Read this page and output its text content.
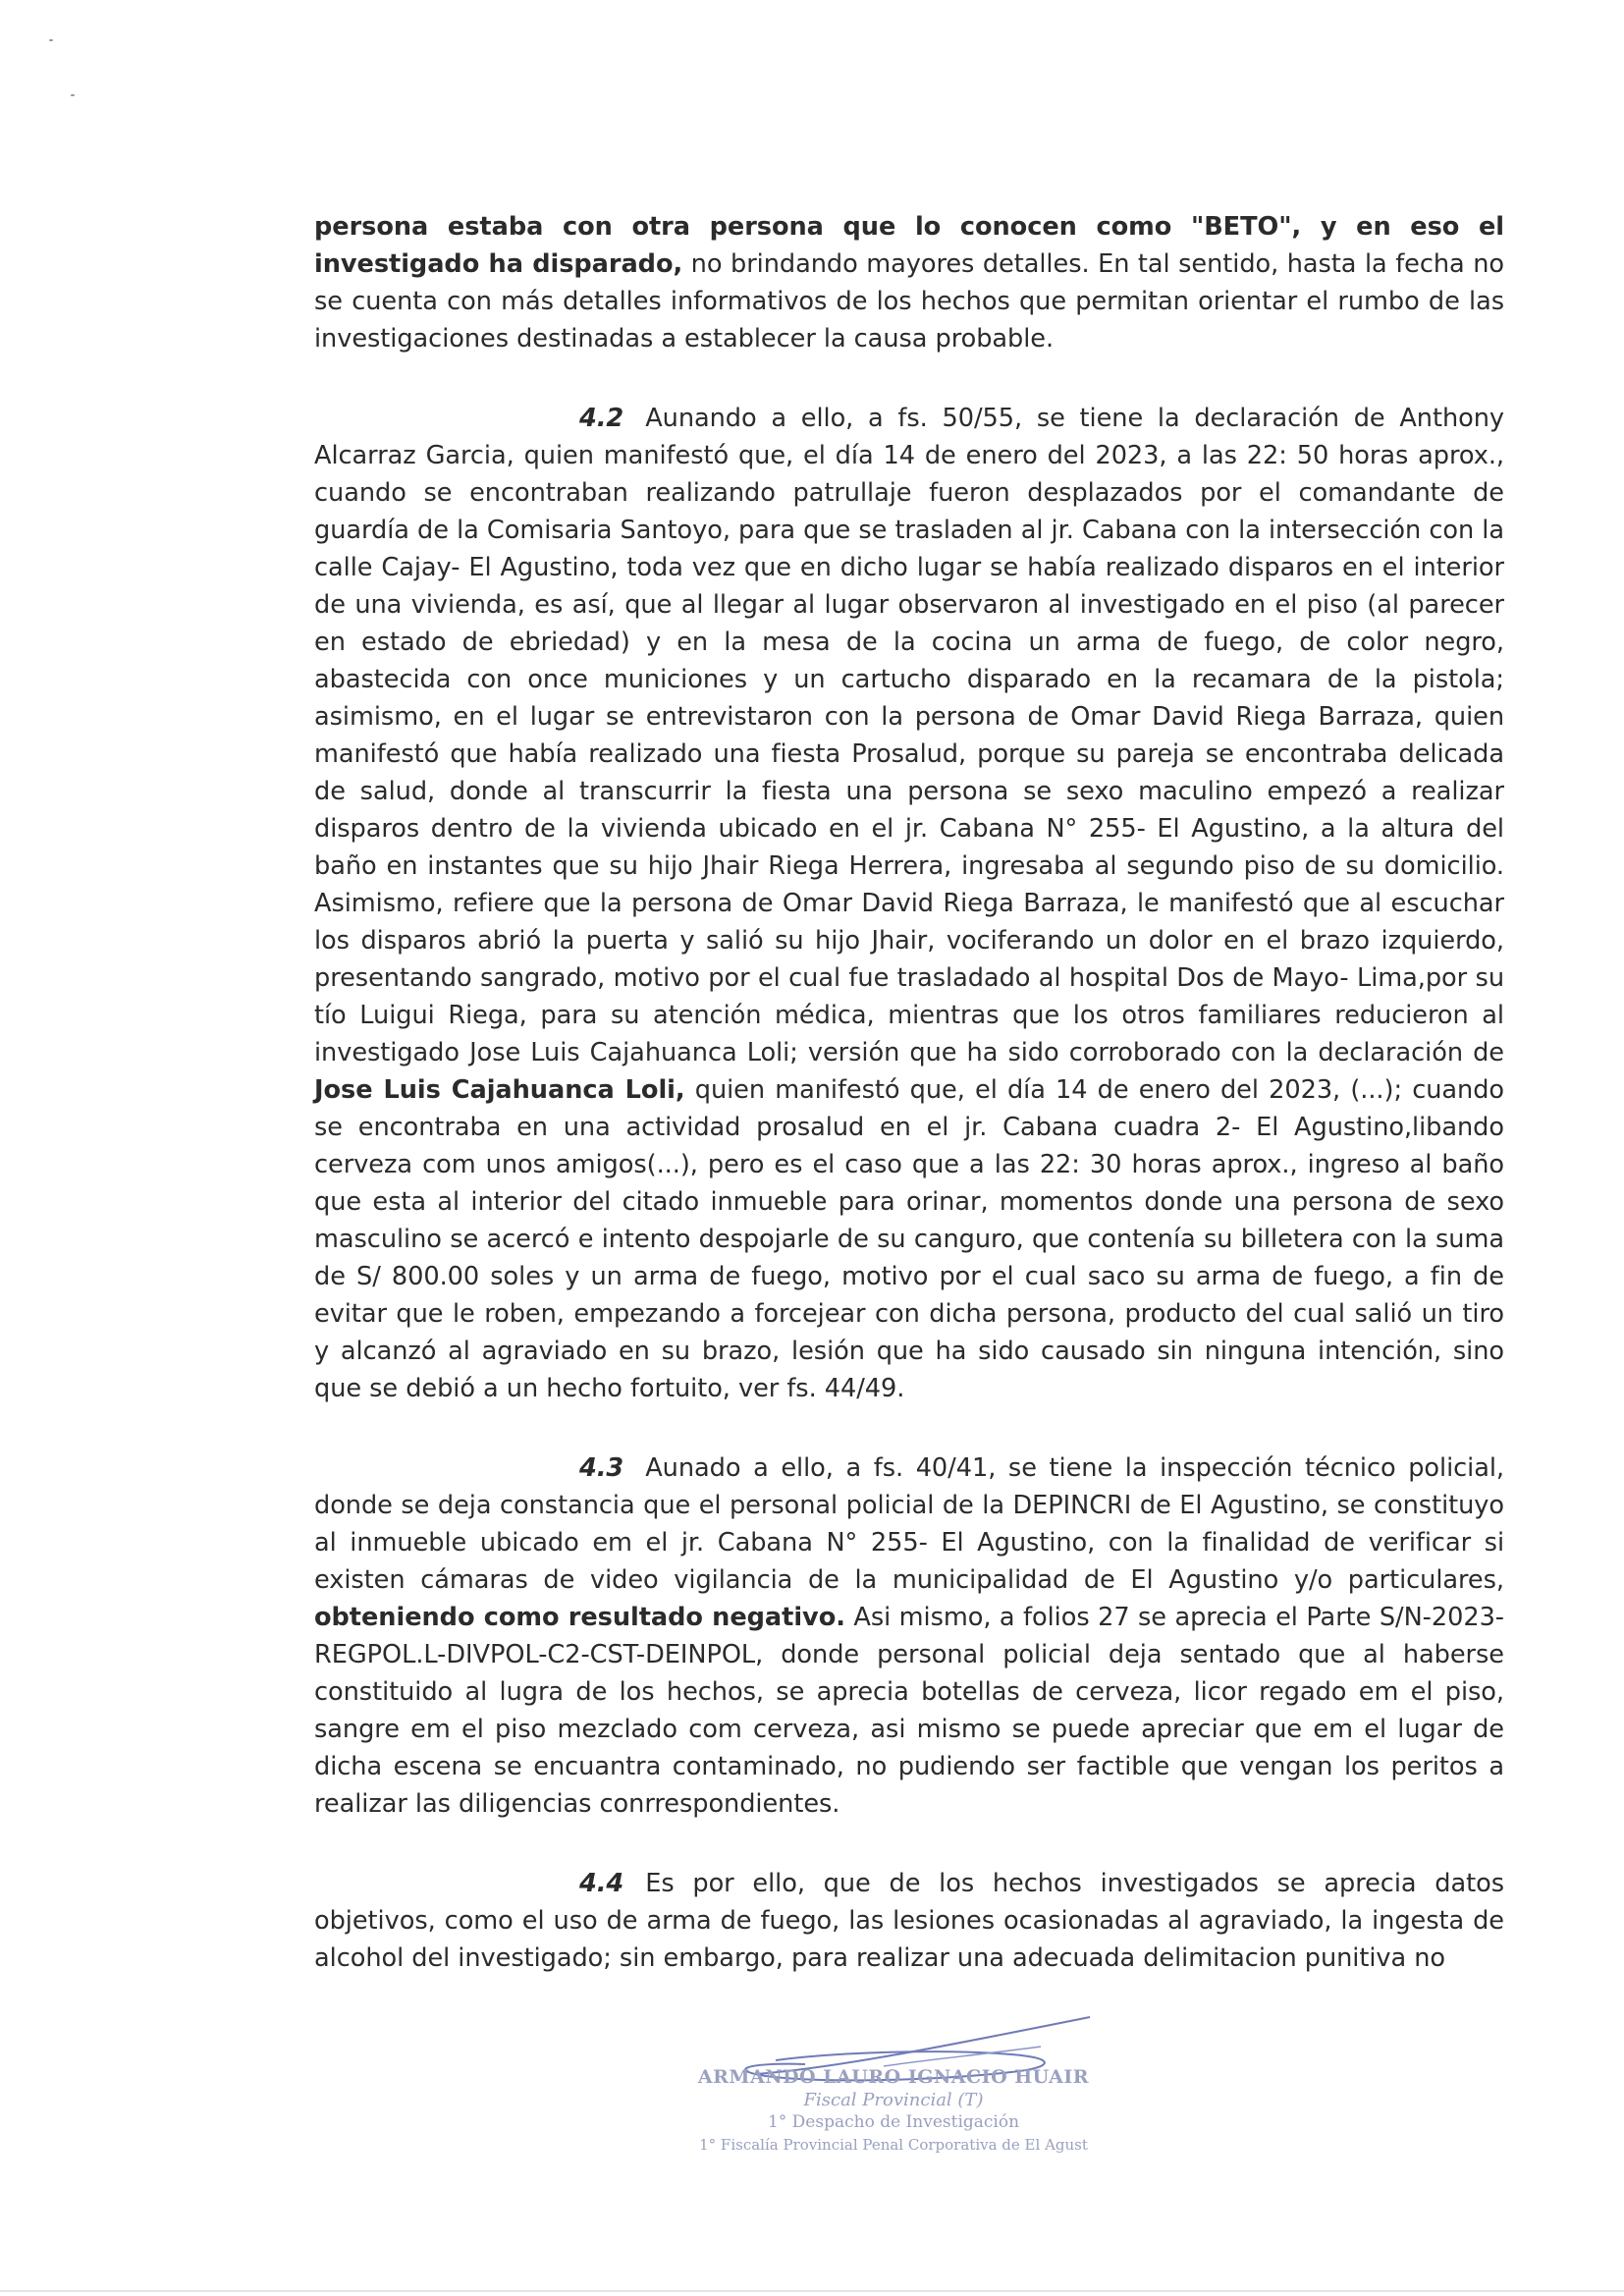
persona estaba con otra persona que lo conocen como "BETO", y en eso el investigado ha disparado, no brindando mayores detalles. En tal sentido, hasta la fecha no se cuenta con más detalles informativos de los hechos que permitan orientar el rumbo de las investigaciones destinadas a establecer la causa probable.

4.2 Aunando a ello, a fs. 50/55, se tiene la declaración de Anthony Alcarraz Garcia, quien manifestó que, el día 14 de enero del 2023, a las 22: 50 horas aprox., cuando se encontraban realizando patrullaje fueron desplazados por el comandante de guardía de la Comisaria Santoyo, para que se trasladen al jr. Cabana con la intersección con la calle Cajay- El Agustino, toda vez que en dicho lugar se había realizado disparos en el interior de una vivienda, es así, que al llegar al lugar observaron al investigado en el piso (al parecer en estado de ebriedad) y en la mesa de la cocina un arma de fuego, de color negro, abastecida con once municiones y un cartucho disparado en la recamara de la pistola; asimismo, en el lugar se entrevistaron con la persona de Omar David Riega Barraza, quien manifestó que había realizado una fiesta Prosalud, porque su pareja se encontraba delicada de salud, donde al transcurrir la fiesta una persona se sexo maculino empezó a realizar disparos dentro de la vivienda ubicado en el jr. Cabana N° 255- El Agustino, a la altura del baño en instantes que su hijo Jhair Riega Herrera, ingresaba al segundo piso de su domicilio. Asimismo, refiere que la persona de Omar David Riega Barraza, le manifestó que al escuchar los disparos abrió la puerta y salió su hijo Jhair, vociferando un dolor en el brazo izquierdo, presentando sangrado, motivo por el cual fue trasladado al hospital Dos de Mayo- Lima,por su tío Luigui Riega, para su atención médica, mientras que los otros familiares reducieron al investigado Jose Luis Cajahuanca Loli; versión que ha sido corroborado con la declaración de Jose Luis Cajahuanca Loli, quien manifestó que, el día 14 de enero del 2023, (...); cuando se encontraba en una actividad prosalud en el jr. Cabana cuadra 2- El Agustino,libando cerveza com unos amigos(...), pero es el caso que a las 22: 30 horas aprox., ingreso al baño que esta al interior del citado inmueble para orinar, momentos donde una persona de sexo masculino se acercó e intento despojarle de su canguro, que contenía su billetera con la suma de S/ 800.00 soles y un arma de fuego, motivo por el cual saco su arma de fuego, a fin de evitar que le roben, empezando a forcejear con dicha persona, producto del cual salió un tiro y alcanzó al agraviado en su brazo, lesión que ha sido causado sin ninguna intención, sino que se debió a un hecho fortuito, ver fs. 44/49.

4.3 Aunado a ello, a fs. 40/41, se tiene la inspección técnico policial, donde se deja constancia que el personal policial de la DEPINCRI de El Agustino, se constituyo al inmueble ubicado em el jr. Cabana N° 255- El Agustino, con la finalidad de verificar si existen cámaras de video vigilancia de la municipalidad de El Agustino y/o particulares, obteniendo como resultado negativo. Asi mismo, a folios 27 se aprecia el Parte S/N-2023-REGPOL.L-DIVPOL-C2-CST-DEINPOL, donde personal policial deja sentado que al haberse constituido al lugra de los hechos, se aprecia botellas de cerveza, licor regado em el piso, sangre em el piso mezclado com cerveza, asi mismo se puede apreciar que em el lugar de dicha escena se encuantra contaminado, no pudiendo ser factible que vengan los peritos a realizar las diligencias conrrespondientes.

4.4 Es por ello, que de los hechos investigados se aprecia datos objetivos, como el uso de arma de fuego, las lesiones ocasionadas al agraviado, la ingesta de alcohol del investigado; sin embargo, para realizar una adecuada delimitacion punitiva no

ARMANDO LAURO IGNACIO HUAIR
Fiscal Provincial (T)
1° Despacho de Investigación
1° Fiscalía Provincial Penal Corporativa de El Agust
